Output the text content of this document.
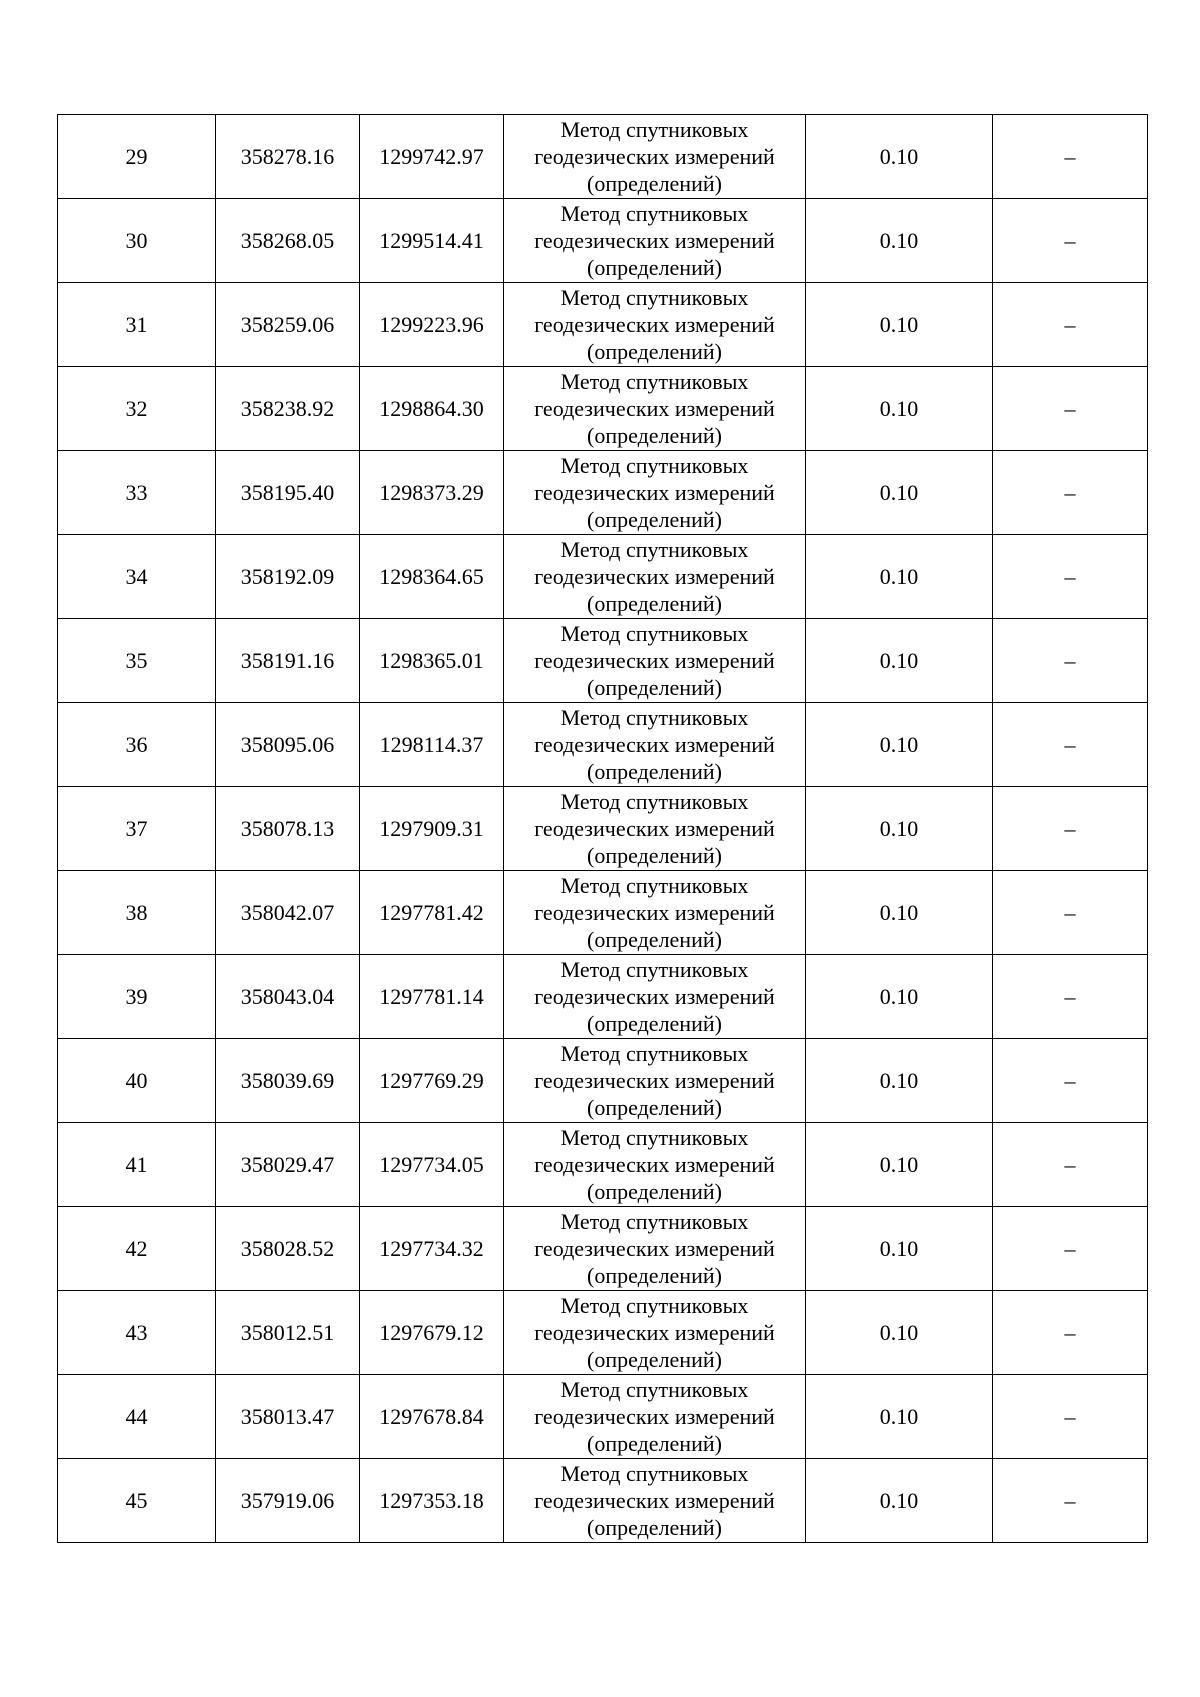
29	358278.16	1299742.97	Метод спутниковых
геодезических измерений
(определений)	0.10	–
30	358268.05	1299514.41	Метод спутниковых
геодезических измерений
(определений)	0.10	–
31	358259.06	1299223.96	Метод спутниковых
геодезических измерений
(определений)	0.10	–
32	358238.92	1298864.30	Метод спутниковых
геодезических измерений
(определений)	0.10	–
33	358195.40	1298373.29	Метод спутниковых
геодезических измерений
(определений)	0.10	–
34	358192.09	1298364.65	Метод спутниковых
геодезических измерений
(определений)	0.10	–
35	358191.16	1298365.01	Метод спутниковых
геодезических измерений
(определений)	0.10	–
36	358095.06	1298114.37	Метод спутниковых
геодезических измерений
(определений)	0.10	–
37	358078.13	1297909.31	Метод спутниковых
геодезических измерений
(определений)	0.10	–
38	358042.07	1297781.42	Метод спутниковых
геодезических измерений
(определений)	0.10	–
39	358043.04	1297781.14	Метод спутниковых
геодезических измерений
(определений)	0.10	–
40	358039.69	1297769.29	Метод спутниковых
геодезических измерений
(определений)	0.10	–
41	358029.47	1297734.05	Метод спутниковых
геодезических измерений
(определений)	0.10	–
42	358028.52	1297734.32	Метод спутниковых
геодезических измерений
(определений)	0.10	–
43	358012.51	1297679.12	Метод спутниковых
геодезических измерений
(определений)	0.10	–
44	358013.47	1297678.84	Метод спутниковых
геодезических измерений
(определений)	0.10	–
45	357919.06	1297353.18	Метод спутниковых
геодезических измерений
(определений)	0.10	–
